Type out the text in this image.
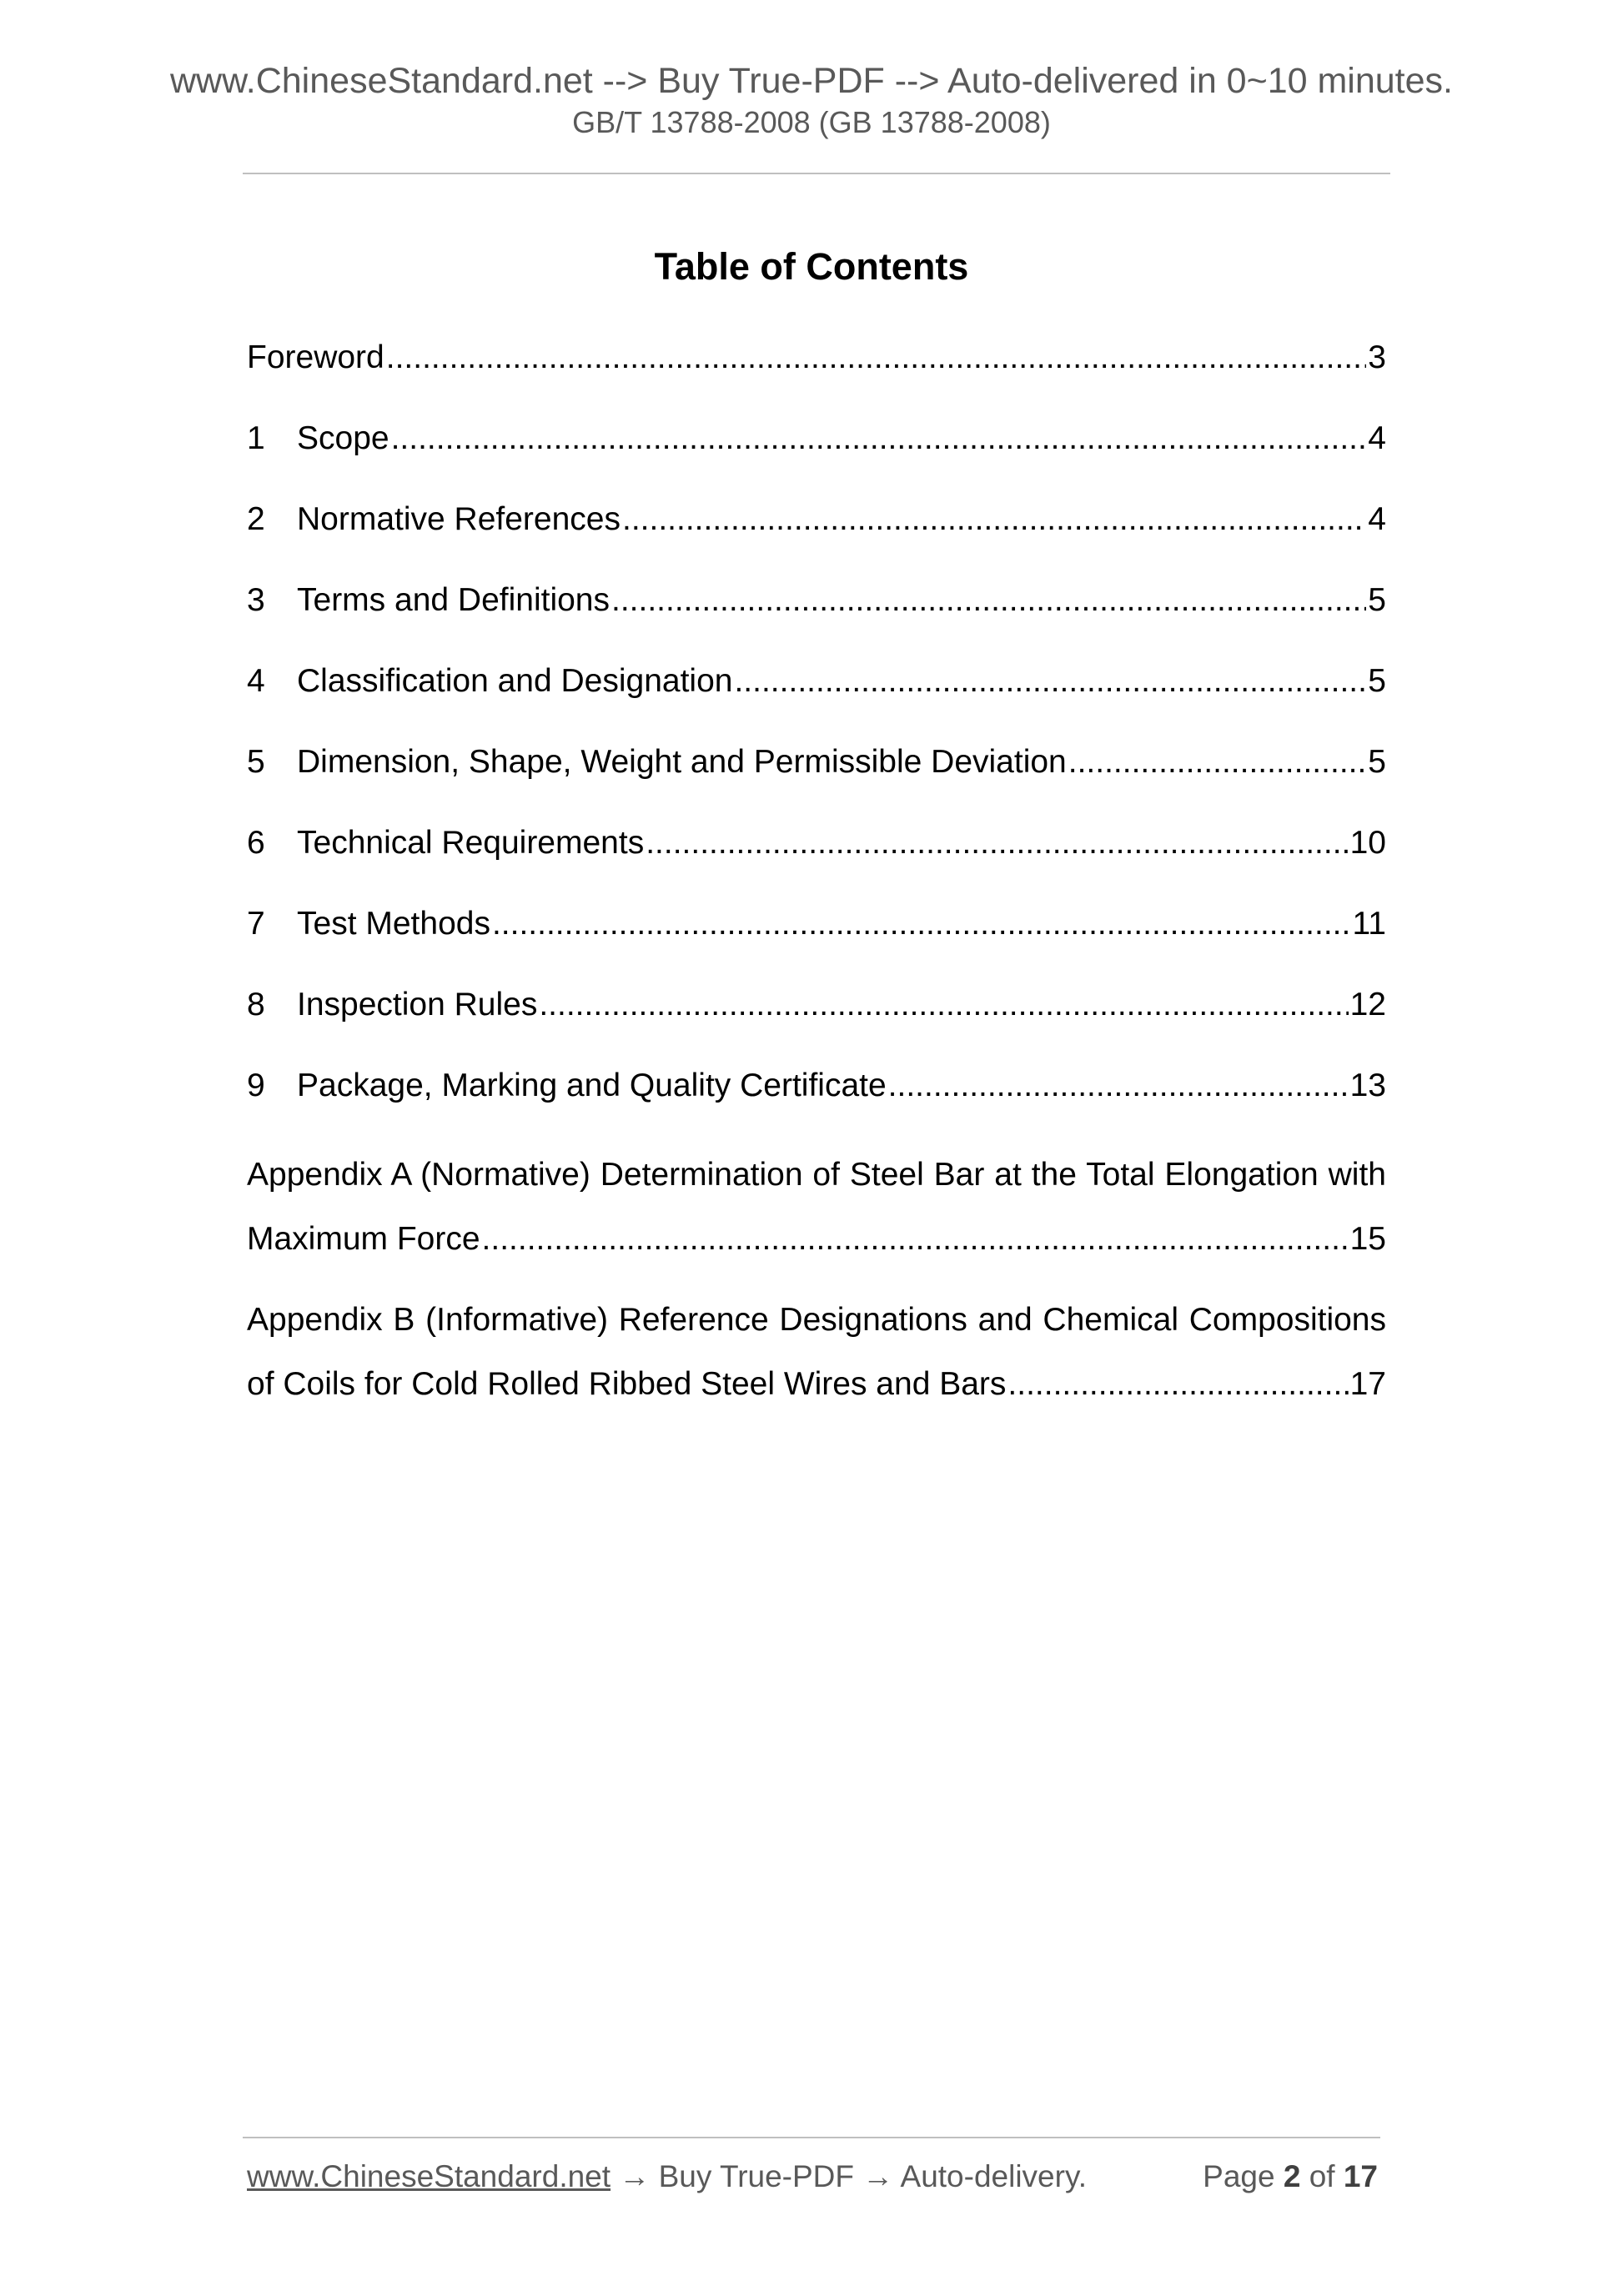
www.ChineseStandard.net --> Buy True-PDF --> Auto-delivered in 0~10 minutes.
GB/T 13788-2008 (GB 13788-2008)
Table of Contents
Foreword .....	3
1 Scope .....	4
2 Normative References .....	4
3 Terms and Definitions .....	5
4 Classification and Designation .....	5
5 Dimension, Shape, Weight and Permissible Deviation .....	5
6 Technical Requirements .....	10
7 Test Methods .....	11
8 Inspection Rules .....	12
9 Package, Marking and Quality Certificate .....	13
Appendix A (Normative) Determination of Steel Bar at the Total Elongation with
Maximum Force .....	15
Appendix B (Informative) Reference Designations and Chemical Compositions
of Coils for Cold Rolled Ribbed Steel Wires and Bars .....	17
www.ChineseStandard.net → Buy True-PDF → Auto-delivery.	Page 2 of 17
